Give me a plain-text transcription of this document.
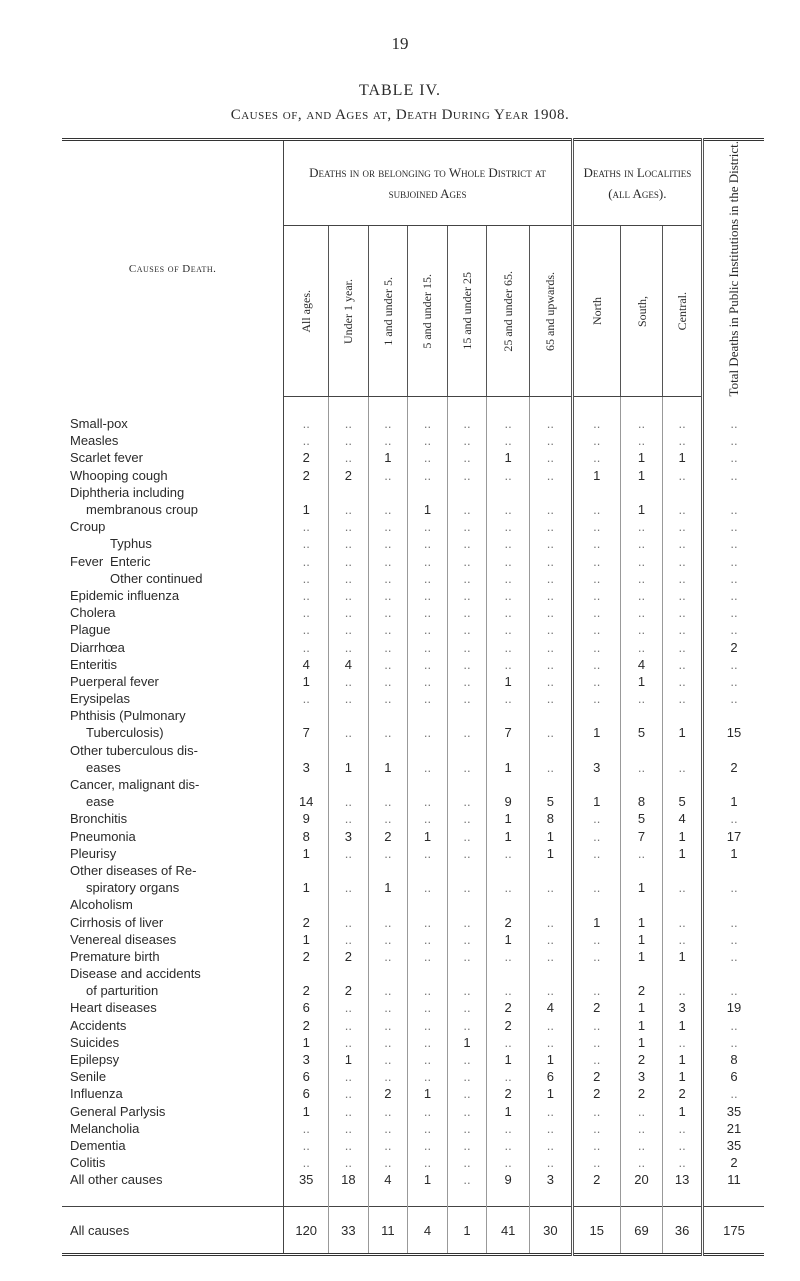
19
TABLE IV.
Causes of, and Ages at, Death During Year 1908.
Causes of Death.	Deaths in or belonging to Whole District at subjoined Ages							Deaths in Localities (all Ages).			Total Deaths in Public Institutions in the District.

	All ages.	Under 1 year.	1 and under 5.	5 and under 15.	15 and under 25	25 and under 65.	65 and upwards.	North	South,	Central.	

Small-pox	..	..	..	..	..	..	..	..	..	..	..
Measles	..	..	..	..	..	..	..	..	..	..	..
Scarlet fever	2	..	1	..	..	1	..	..	1	1	..
Whooping cough	2	2	..	..	..	..	..	1	1	..	..
Diphtheria including											
membranous croup	1	..	..	1	..	..	..	..	1	..	..
Croup	..	..	..	..	..	..	..	..	..	..	..
Typhus	..	..	..	..	..	..	..	..	..	..	..
Fever Enteric	..	..	..	..	..	..	..	..	..	..	..
Other continued	..	..	..	..	..	..	..	..	..	..	..
Epidemic influenza	..	..	..	..	..	..	..	..	..	..	..
Cholera	..	..	..	..	..	..	..	..	..	..	..
Plague	..	..	..	..	..	..	..	..	..	..	..
Diarrhœa	..	..	..	..	..	..	..	..	..	..	2
Enteritis	4	4	..	..	..	..	..	..	4	..	..
Puerperal fever	1	..	..	..	..	1	..	..	1	..	..
Erysipelas	..	..	..	..	..	..	..	..	..	..	..
Phthisis (Pulmonary											
Tuberculosis)	7	..	..	..	..	7	..	1	5	1	15
Other tuberculous dis-											
eases	3	1	1	..	..	1	..	3	..	..	2
Cancer, malignant dis-											
ease	14	..	..	..	..	9	5	1	8	5	1
Bronchitis	9	..	..	..	..	1	8	..	5	4	..
Pneumonia	8	3	2	1	..	1	1	..	7	1	17
Pleurisy	1	..	..	..	..	..	1	..	..	1	1
Other diseases of Re-											
spiratory organs	1	..	1	..	..	..	..	..	1	..	..
Alcoholism											
Cirrhosis of liver	2	..	..	..	..	2	..	1	1	..	..
Venereal diseases	1	..	..	..	..	1	..	..	1	..	..
Premature birth	2	2	..	..	..	..	..	..	1	1	..
Disease and accidents											
of parturition	2	2	..	..	..	..	..	..	2	..	..
Heart diseases	6	..	..	..	..	2	4	2	1	3	19
Accidents	2	..	..	..	..	2	..	..	1	1	..
Suicides	1	..	..	..	1	..	..	..	1	..	..
Epilepsy	3	1	..	..	..	1	1	..	2	1	8
Senile	6	..	..	..	..	..	6	2	3	1	6
Influenza	6	..	2	1	..	2	1	2	2	2	..
General Parlysis	1	..	..	..	..	1	..	..	..	1	35
Melancholia	..	..	..	..	..	..	..	..	..	..	21
Dementia	..	..	..	..	..	..	..	..	..	..	35
Colitis	..	..	..	..	..	..	..	..	..	..	2
All other causes	35	18	4	1	..	9	3	2	20	13	11

All causes	120	33	11	4	1	41	30	15	69	36	175
